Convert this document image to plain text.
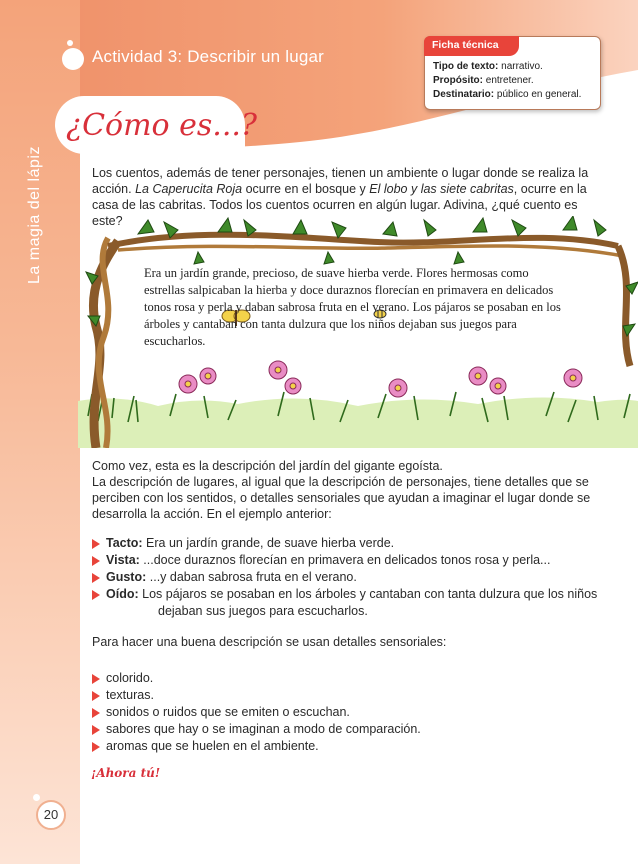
Actividad 3: Describir un lugar
Ficha técnica
Tipo de texto: narrativo.
Propósito: entretener.
Destinatario: público en general.
¿Cómo es...?
La magia del lápiz	Los cuentos, además de tener personajes, tienen un ambiente o lugar donde se realiza la
acción. La Caperucita Roja ocurre en el bosque y El lobo y las siete cabritas, ocurre en la
casa de las cabritas. Todos los cuentos ocurren en algún lugar. Adivina, ¿qué cuento es
este?
Era un jardín grande, precioso, de suave hierba verde. Flores hermosas como
estrellas salpicaban la hierba y doce duraznos florecían en primavera en delicados
tonos rosa y perla y daban sabrosa fruta en el verano. Los pájaros se posaban en los
árboles y cantaban con tanta dulzura que los niños dejaban sus juegos para
escucharlos.
Como vez, esta es la descripción del jardín del gigante egoísta.
La descripción de lugares, al igual que la descripción de personajes, tiene detalles que se
perciben con los sentidos, o detalles sensoriales que ayudan a imaginar el lugar donde se
desarrolla la acción. En el ejemplo anterior:
Tacto: Era un jardín grande, de suave hierba verde.
Vista: ...doce duraznos florecían en primavera en delicados tonos rosa y perla...
Gusto: ...y daban sabrosa fruta en el verano.
Oído: Los pájaros se posaban en los árboles y cantaban con tanta dulzura que los niños
dejaban sus juegos para escucharlos.
Para hacer una buena descripción se usan detalles sensoriales:
colorido.
texturas.
sonidos o ruidos que se emiten o escuchan.
sabores que hay o se imaginan a modo de comparación.
aromas que se huelen en el ambiente.
¡Ahora tú!
20
